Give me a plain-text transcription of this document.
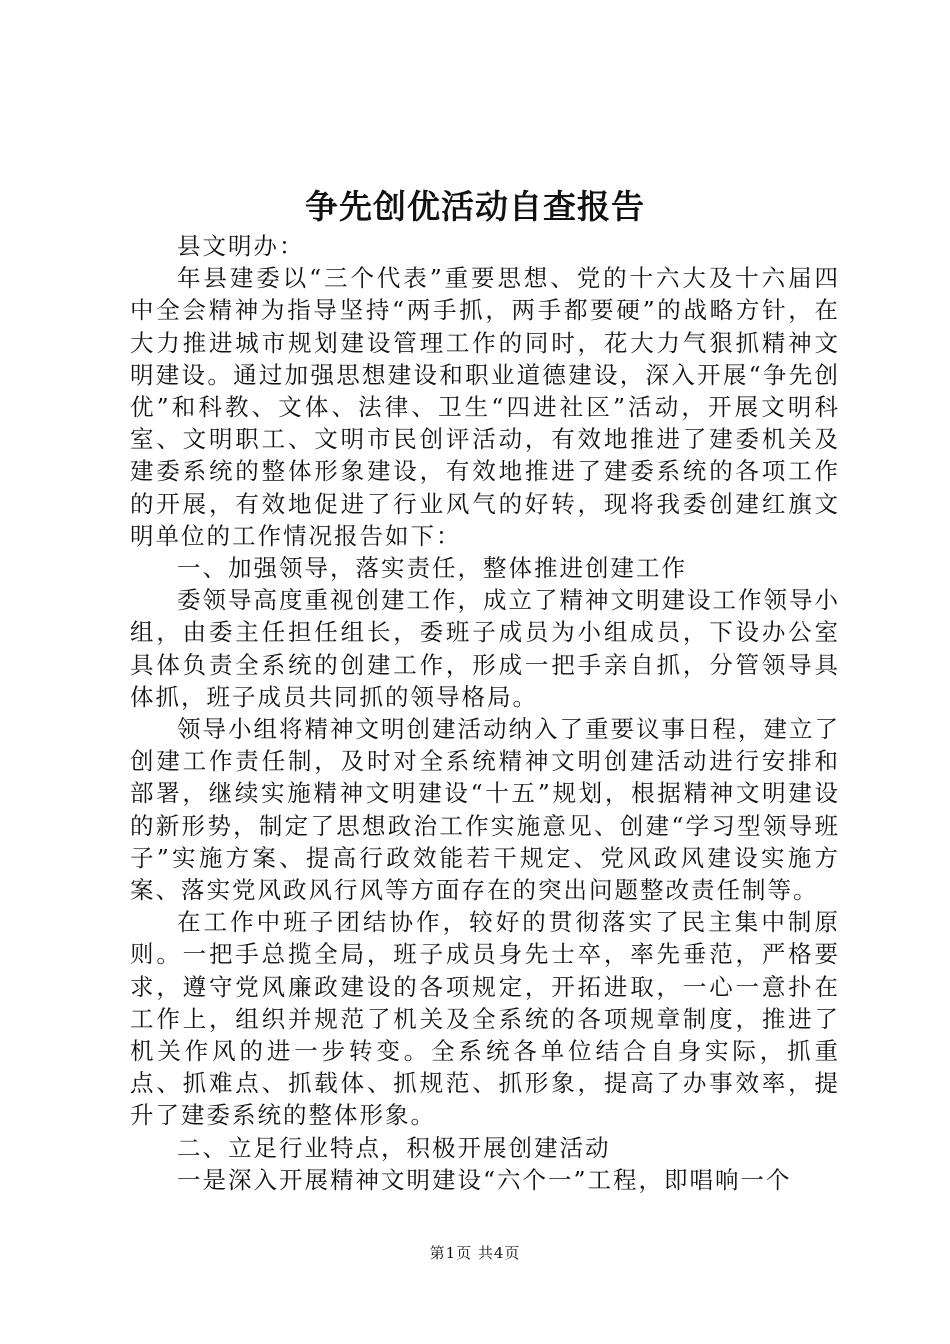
争先创优活动自查报告

县文明办：

年县建委以“三个代表”重要思想、党的十六大及十六届四中全会精神为指导坚持“两手抓，两手都要硬”的战略方针，在大力推进城市规划建设管理工作的同时，花大力气狠抓精神文明建设。通过加强思想建设和职业道德建设，深入开展“争先创优”和科教、文体、法律、卫生“四进社区”活动，开展文明科室、文明职工、文明市民创评活动，有效地推进了建委机关及建委系统的整体形象建设，有效地推进了建委系统的各项工作的开展，有效地促进了行业风气的好转，现将我委创建红旗文明单位的工作情况报告如下：

一、加强领导，落实责任，整体推进创建工作

委领导高度重视创建工作，成立了精神文明建设工作领导小组，由委主任担任组长，委班子成员为小组成员，下设办公室具体负责全系统的创建工作，形成一把手亲自抓，分管领导具体抓，班子成员共同抓的领导格局。

领导小组将精神文明创建活动纳入了重要议事日程，建立了创建工作责任制，及时对全系统精神文明创建活动进行安排和部署，继续实施精神文明建设“十五”规划，根据精神文明建设的新形势，制定了思想政治工作实施意见、创建“学习型领导班子”实施方案、提高行政效能若干规定、党风政风建设实施方案、落实党风政风行风等方面存在的突出问题整改责任制等。

在工作中班子团结协作，较好的贯彻落实了民主集中制原则。一把手总揽全局，班子成员身先士卒，率先垂范，严格要求，遵守党风廉政建设的各项规定，开拓进取，一心一意扑在工作上，组织并规范了机关及全系统的各项规章制度，推进了机关作风的进一步转变。全系统各单位结合自身实际，抓重点、抓难点、抓载体、抓规范、抓形象，提高了办事效率，提升了建委系统的整体形象。

二、立足行业特点，积极开展创建活动

一是深入开展精神文明建设“六个一”工程，即唱响一个

第1页 共4页
